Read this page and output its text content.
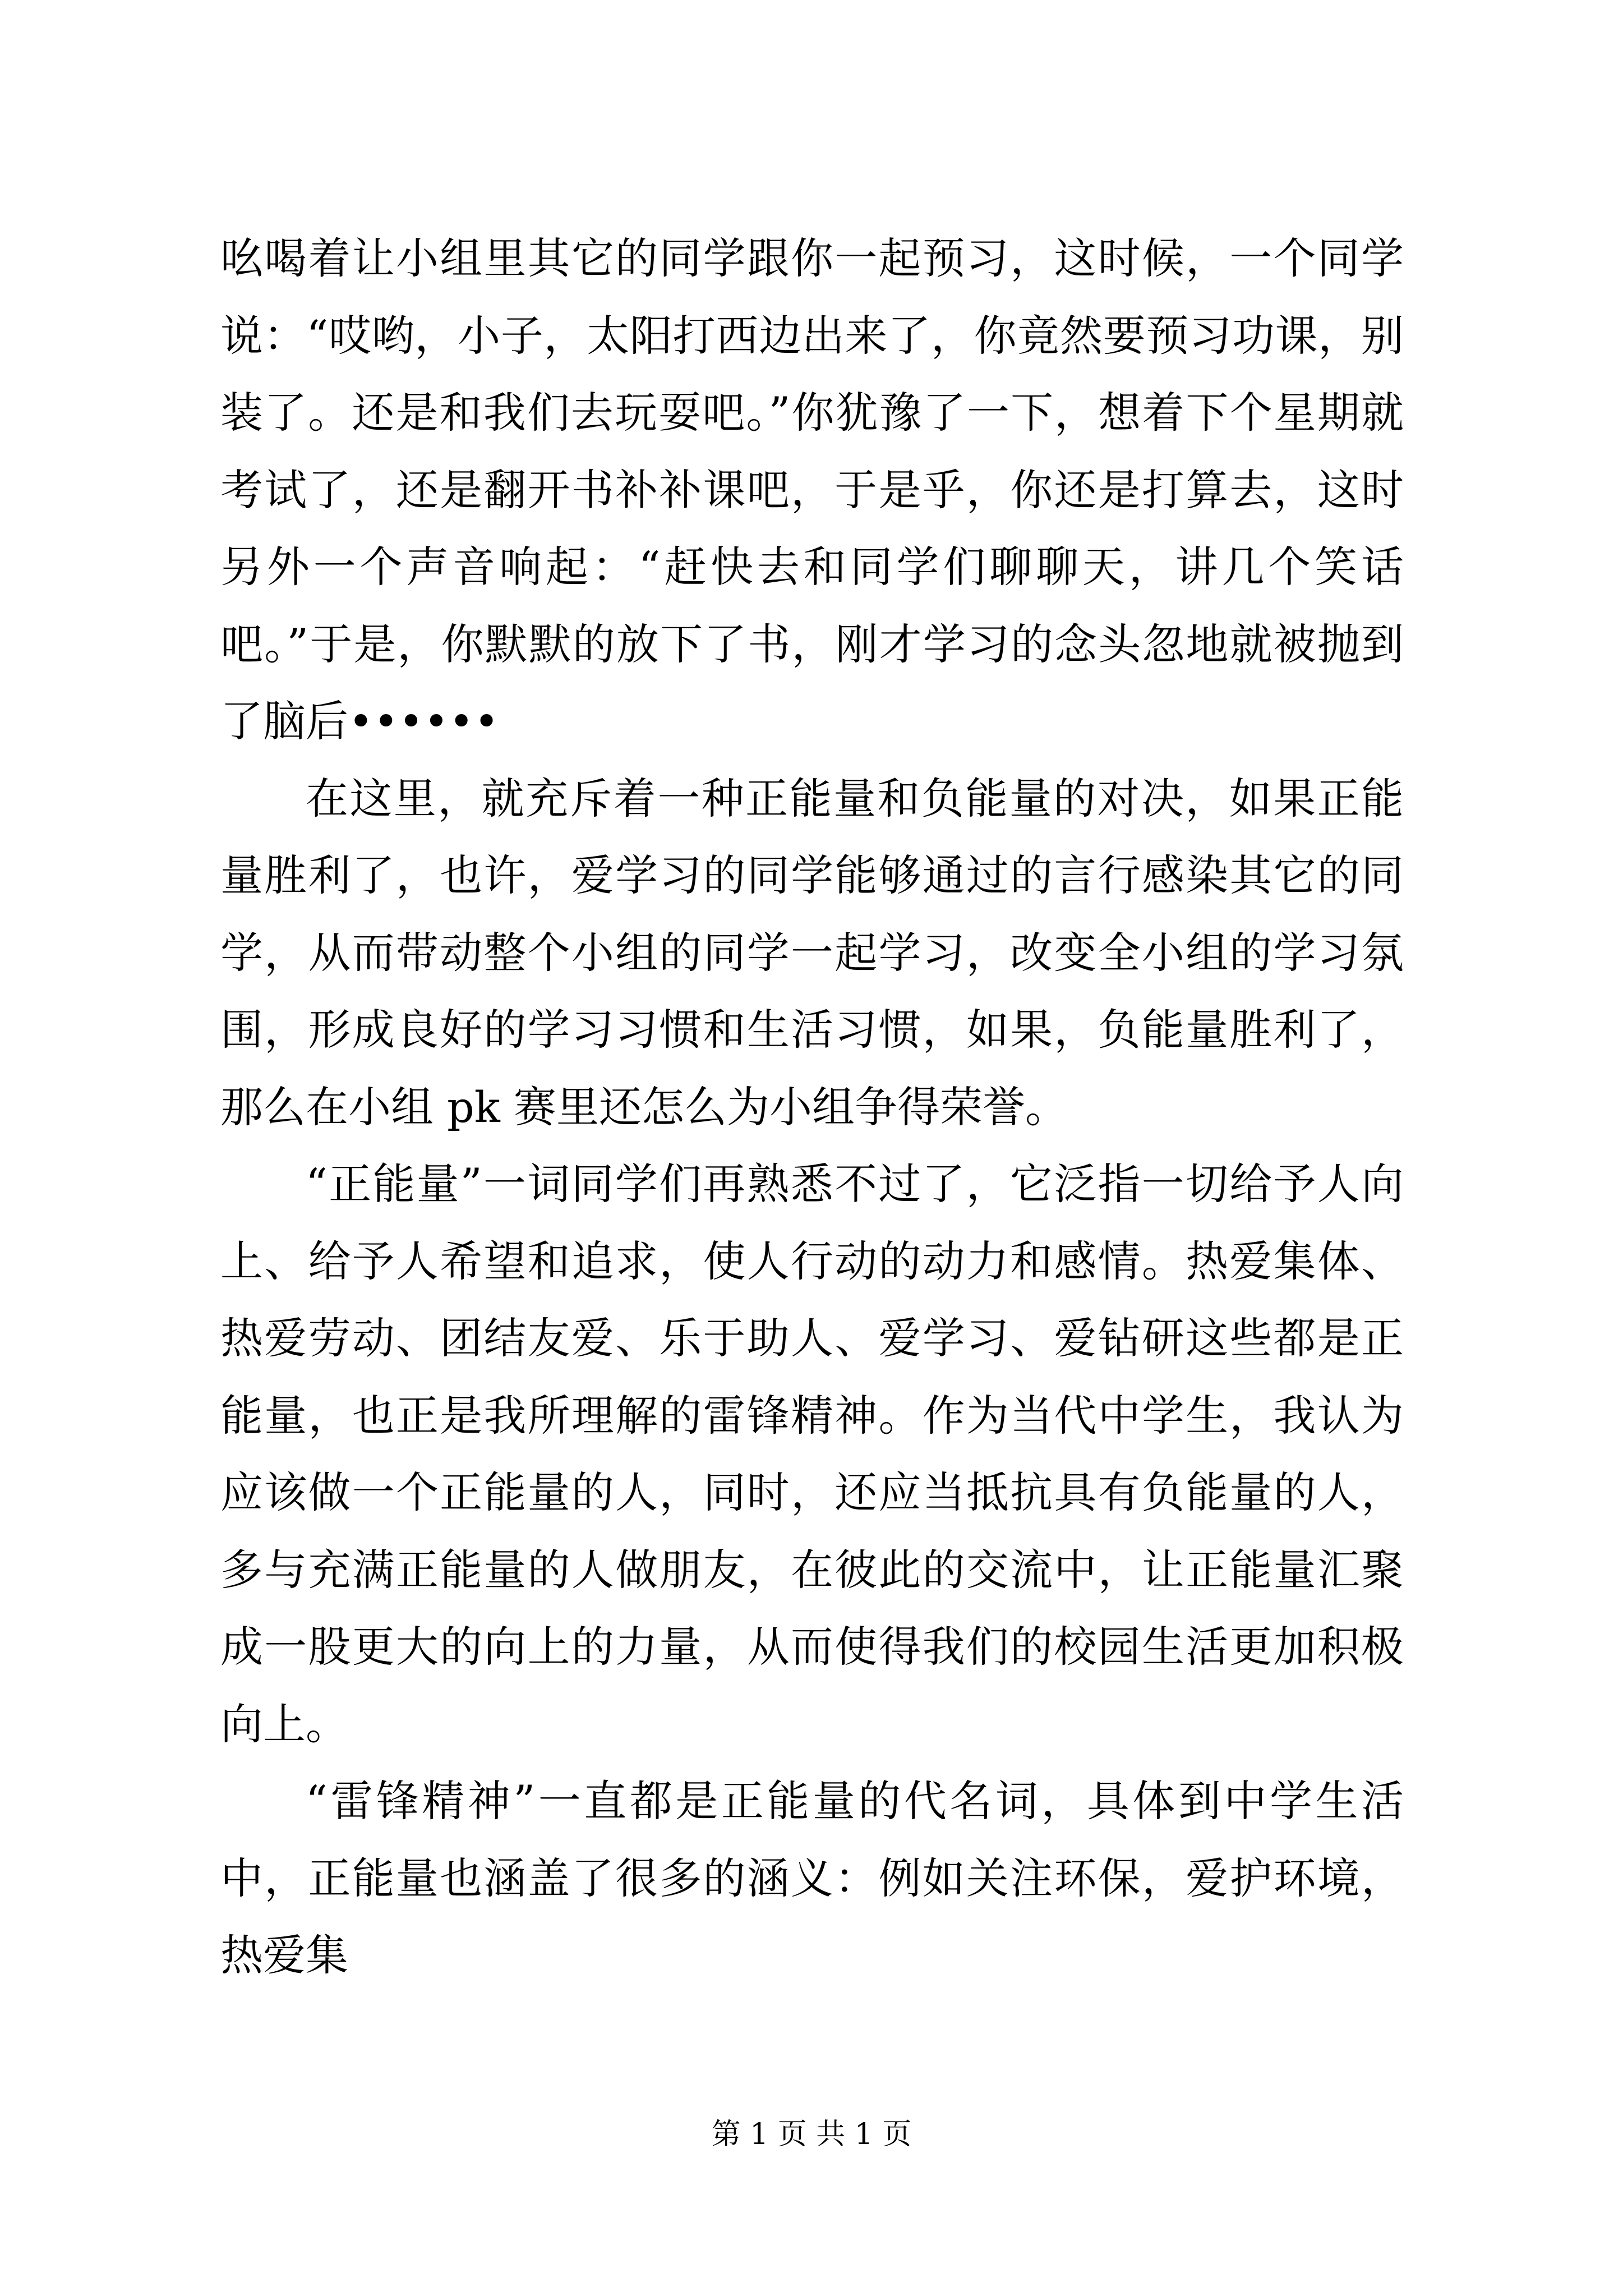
吆喝着让小组里其它的同学跟你一起预习，这时候，一个同学说：“哎哟，小子，太阳打西边出来了，你竟然要预习功课，别装了。还是和我们去玩耍吧。”你犹豫了一下，想着下个星期就考试了，还是翻开书补补课吧，于是乎，你还是打算去，这时另外一个声音响起：“赶快去和同学们聊聊天，讲几个笑话吧。”于是，你默默的放下了书，刚才学习的念头忽地就被抛到了脑后••••••

在这里，就充斥着一种正能量和负能量的对决，如果正能量胜利了，也许，爱学习的同学能够通过的言行感染其它的同学，从而带动整个小组的同学一起学习，改变全小组的学习氛围，形成良好的学习习惯和生活习惯，如果，负能量胜利了，那么在小组 pk 赛里还怎么为小组争得荣誉。

“正能量”一词同学们再熟悉不过了，它泛指一切给予人向上、给予人希望和追求，使人行动的动力和感情。热爱集体、热爱劳动、团结友爱、乐于助人、爱学习、爱钻研这些都是正能量，也正是我所理解的雷锋精神。作为当代中学生，我认为应该做一个正能量的人，同时，还应当抵抗具有负能量的人，多与充满正能量的人做朋友，在彼此的交流中，让正能量汇聚成一股更大的向上的力量，从而使得我们的校园生活更加积极向上。

“雷锋精神”一直都是正能量的代名词，具体到中学生活中，正能量也涵盖了很多的涵义：例如关注环保，爱护环境，热爱集

第 1 页 共 1 页
